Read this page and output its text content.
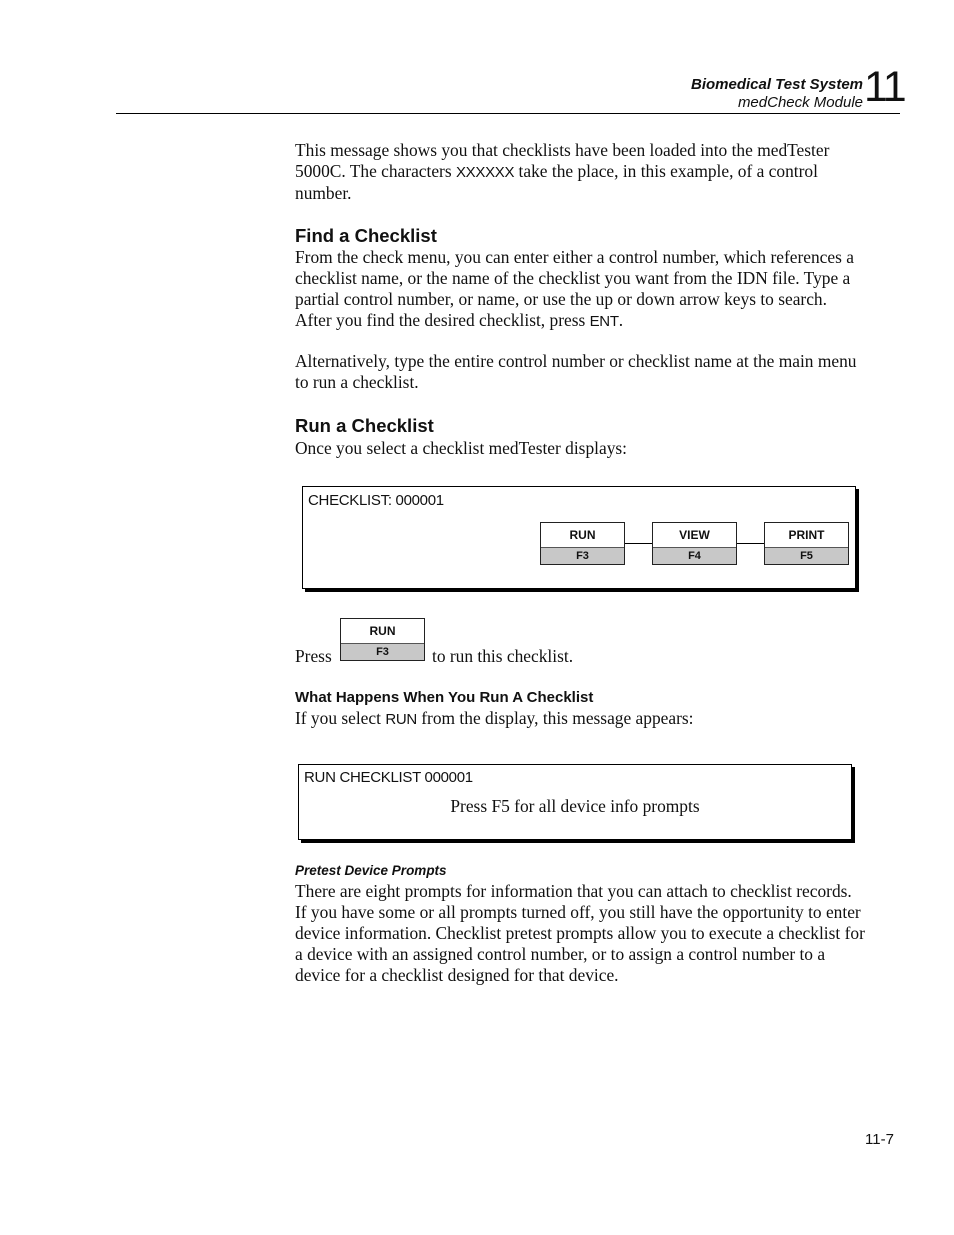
Biomedical Test System
medCheck Module 11
This message shows you that checklists have been loaded into the medTester 5000C. The characters XXXXXX take the place, in this example, of a control number.
Find a Checklist
From the check menu, you can enter either a control number, which references a checklist name, or the name of the checklist you want from the IDN file. Type a partial control number, or name, or use the up or down arrow keys to search. After you find the desired checklist, press ENT.
Alternatively, type the entire control number or checklist name at the main menu to run a checklist.
Run a Checklist
Once you select a checklist medTester displays:
CHECKLIST: 000001
RUN
F3
VIEW
F4
PRINT
F5
Press
RUN
F3	to run this checklist.
What Happens When You Run A Checklist
If you select RUN from the display, this message appears:
RUN CHECKLIST 000001
Press F5 for all device info prompts
Pretest Device Prompts
There are eight prompts for information that you can attach to checklist records. If you have some or all prompts turned off, you still have the opportunity to enter device information. Checklist pretest prompts allow you to execute a checklist for a device with an assigned control number, or to assign a control number to a device for a checklist designed for that device.
11-7
